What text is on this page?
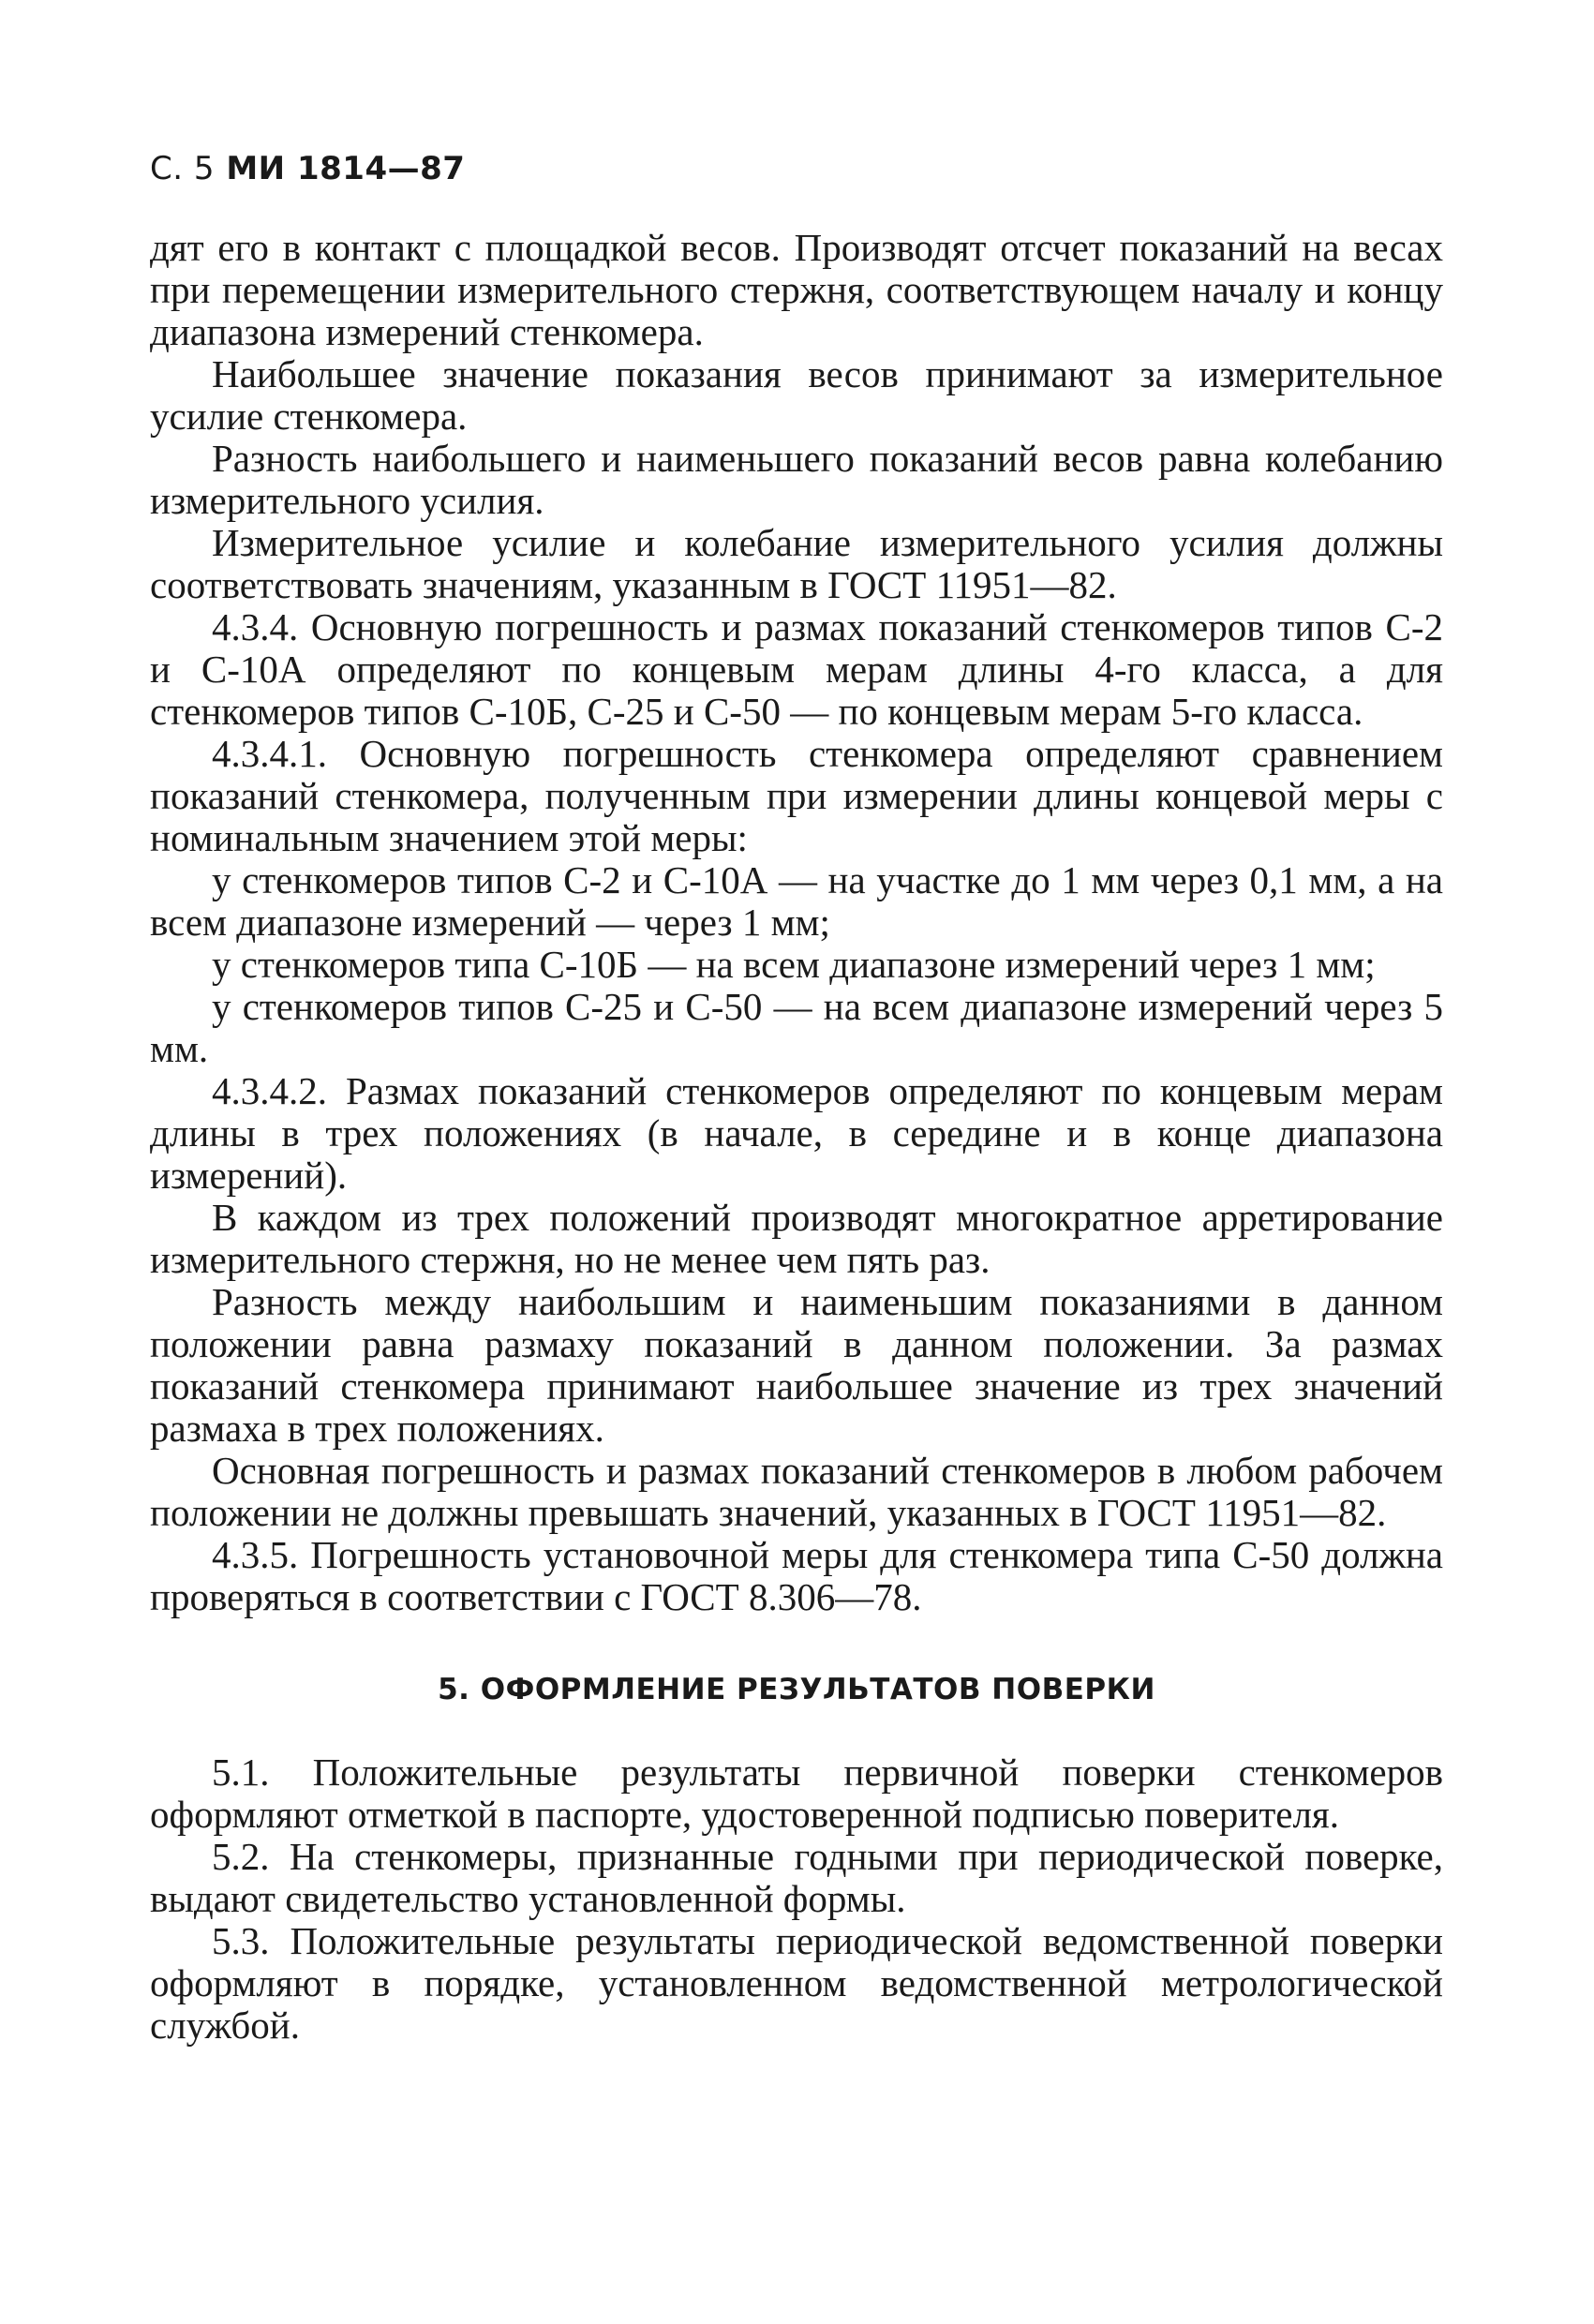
С. 5 МИ 1814—87

дят его в контакт с площадкой весов. Производят отсчет показаний на весах при перемещении измерительного стержня, соответствующем началу и концу диапазона измерений стенкомера.

Наибольшее значение показания весов принимают за измерительное усилие стенкомера.

Разность наибольшего и наименьшего показаний весов равна колебанию измерительного усилия.

Измерительное усилие и колебание измерительного усилия должны соответствовать значениям, указанным в ГОСТ 11951—82.

4.3.4. Основную погрешность и размах показаний стенкомеров типов С-2 и С-10А определяют по концевым мерам длины 4-го класса, а для стенкомеров типов С-10Б, С-25 и С-50 — по концевым мерам 5-го класса.

4.3.4.1. Основную погрешность стенкомера определяют сравнением показаний стенкомера, полученным при измерении длины концевой меры с номинальным значением этой меры:

у стенкомеров типов С-2 и С-10А — на участке до 1 мм через 0,1 мм, а на всем диапазоне измерений — через 1 мм;

у стенкомеров типа С-10Б — на всем диапазоне измерений через 1 мм;

у стенкомеров типов С-25 и С-50 — на всем диапазоне измерений через 5 мм.

4.3.4.2. Размах показаний стенкомеров определяют по концевым мерам длины в трех положениях (в начале, в середине и в конце диапазона измерений).

В каждом из трех положений производят многократное арретирование измерительного стержня, но не менее чем пять раз.

Разность между наибольшим и наименьшим показаниями в данном положении равна размаху показаний в данном положении. За размах показаний стенкомера принимают наибольшее значение из трех значений размаха в трех положениях.

Основная погрешность и размах показаний стенкомеров в любом рабочем положении не должны превышать значений, указанных в ГОСТ 11951—82.

4.3.5. Погрешность установочной меры для стенкомера типа С-50 должна проверяться в соответствии с ГОСТ 8.306—78.

5. ОФОРМЛЕНИЕ РЕЗУЛЬТАТОВ ПОВЕРКИ

5.1. Положительные результаты первичной поверки стенкомеров оформляют отметкой в паспорте, удостоверенной подписью поверителя.

5.2. На стенкомеры, признанные годными при периодической поверке, выдают свидетельство установленной формы.

5.3. Положительные результаты периодической ведомственной поверки оформляют в порядке, установленном ведомственной метрологической службой.
